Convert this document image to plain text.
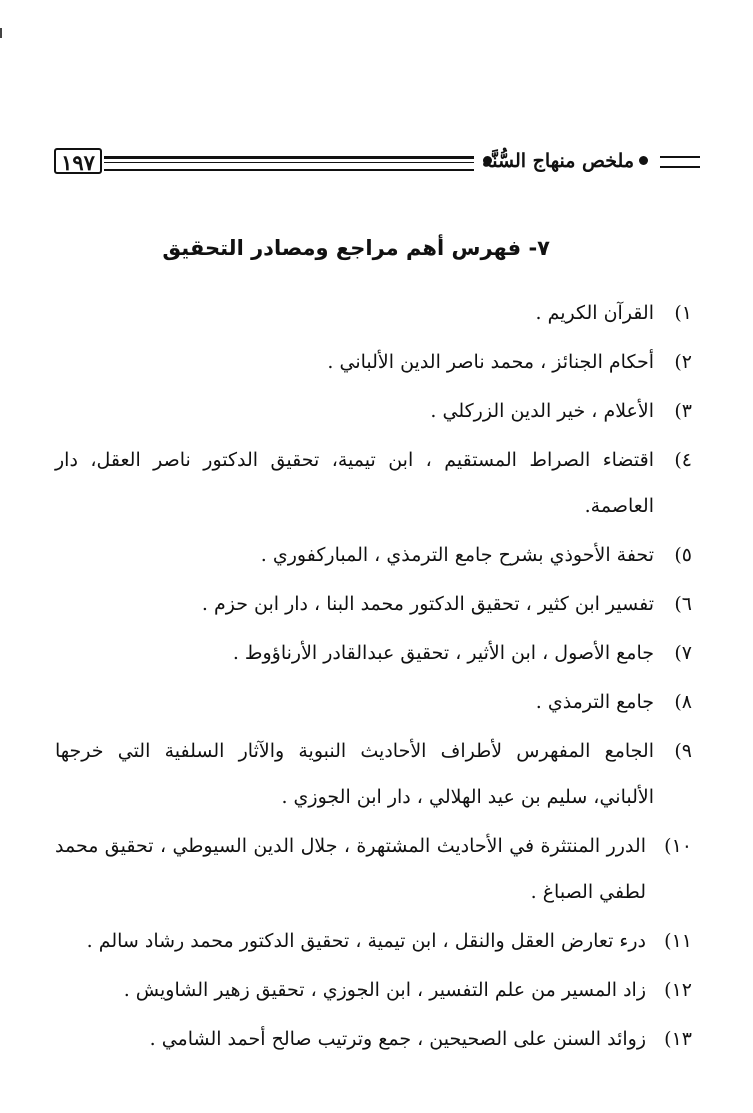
١٩٧	ملخص منهاج السُّنَّة
٧- فهرس أهم مراجع ومصادر التحقيق
١)
القرآن الكريم .
٢)
أحكام الجنائز ، محمد ناصر الدين الألباني .
٣)
الأعلام ، خير الدين الزركلي .
٤)
اقتضاء الصراط المستقيم ، ابن تيمية، تحقيق الدكتور ناصر العقل، دار العاصمة.
٥)
تحفة الأحوذي بشرح جامع الترمذي ، المباركفوري .
٦)
تفسير ابن كثير ، تحقيق الدكتور محمد البنا ، دار ابن حزم .
٧)
جامع الأصول ، ابن الأثير ، تحقيق عبدالقادر الأرناؤوط .
٨)
جامع الترمذي .
٩)
الجامع المفهرس لأطراف الأحاديث النبوية والآثار السلفية التي خرجها الألباني، سليم بن عيد الهلالي ، دار ابن الجوزي .
١٠)
الدرر المنتثرة في الأحاديث المشتهرة ، جلال الدين السيوطي ، تحقيق محمد لطفي الصباغ .
١١)
درء تعارض العقل والنقل ، ابن تيمية ، تحقيق الدكتور محمد رشاد سالم .
١٢)
زاد المسير من علم التفسير ، ابن الجوزي ، تحقيق زهير الشاويش .
١٣)
زوائد السنن على الصحيحين ، جمع وترتيب صالح أحمد الشامي .
